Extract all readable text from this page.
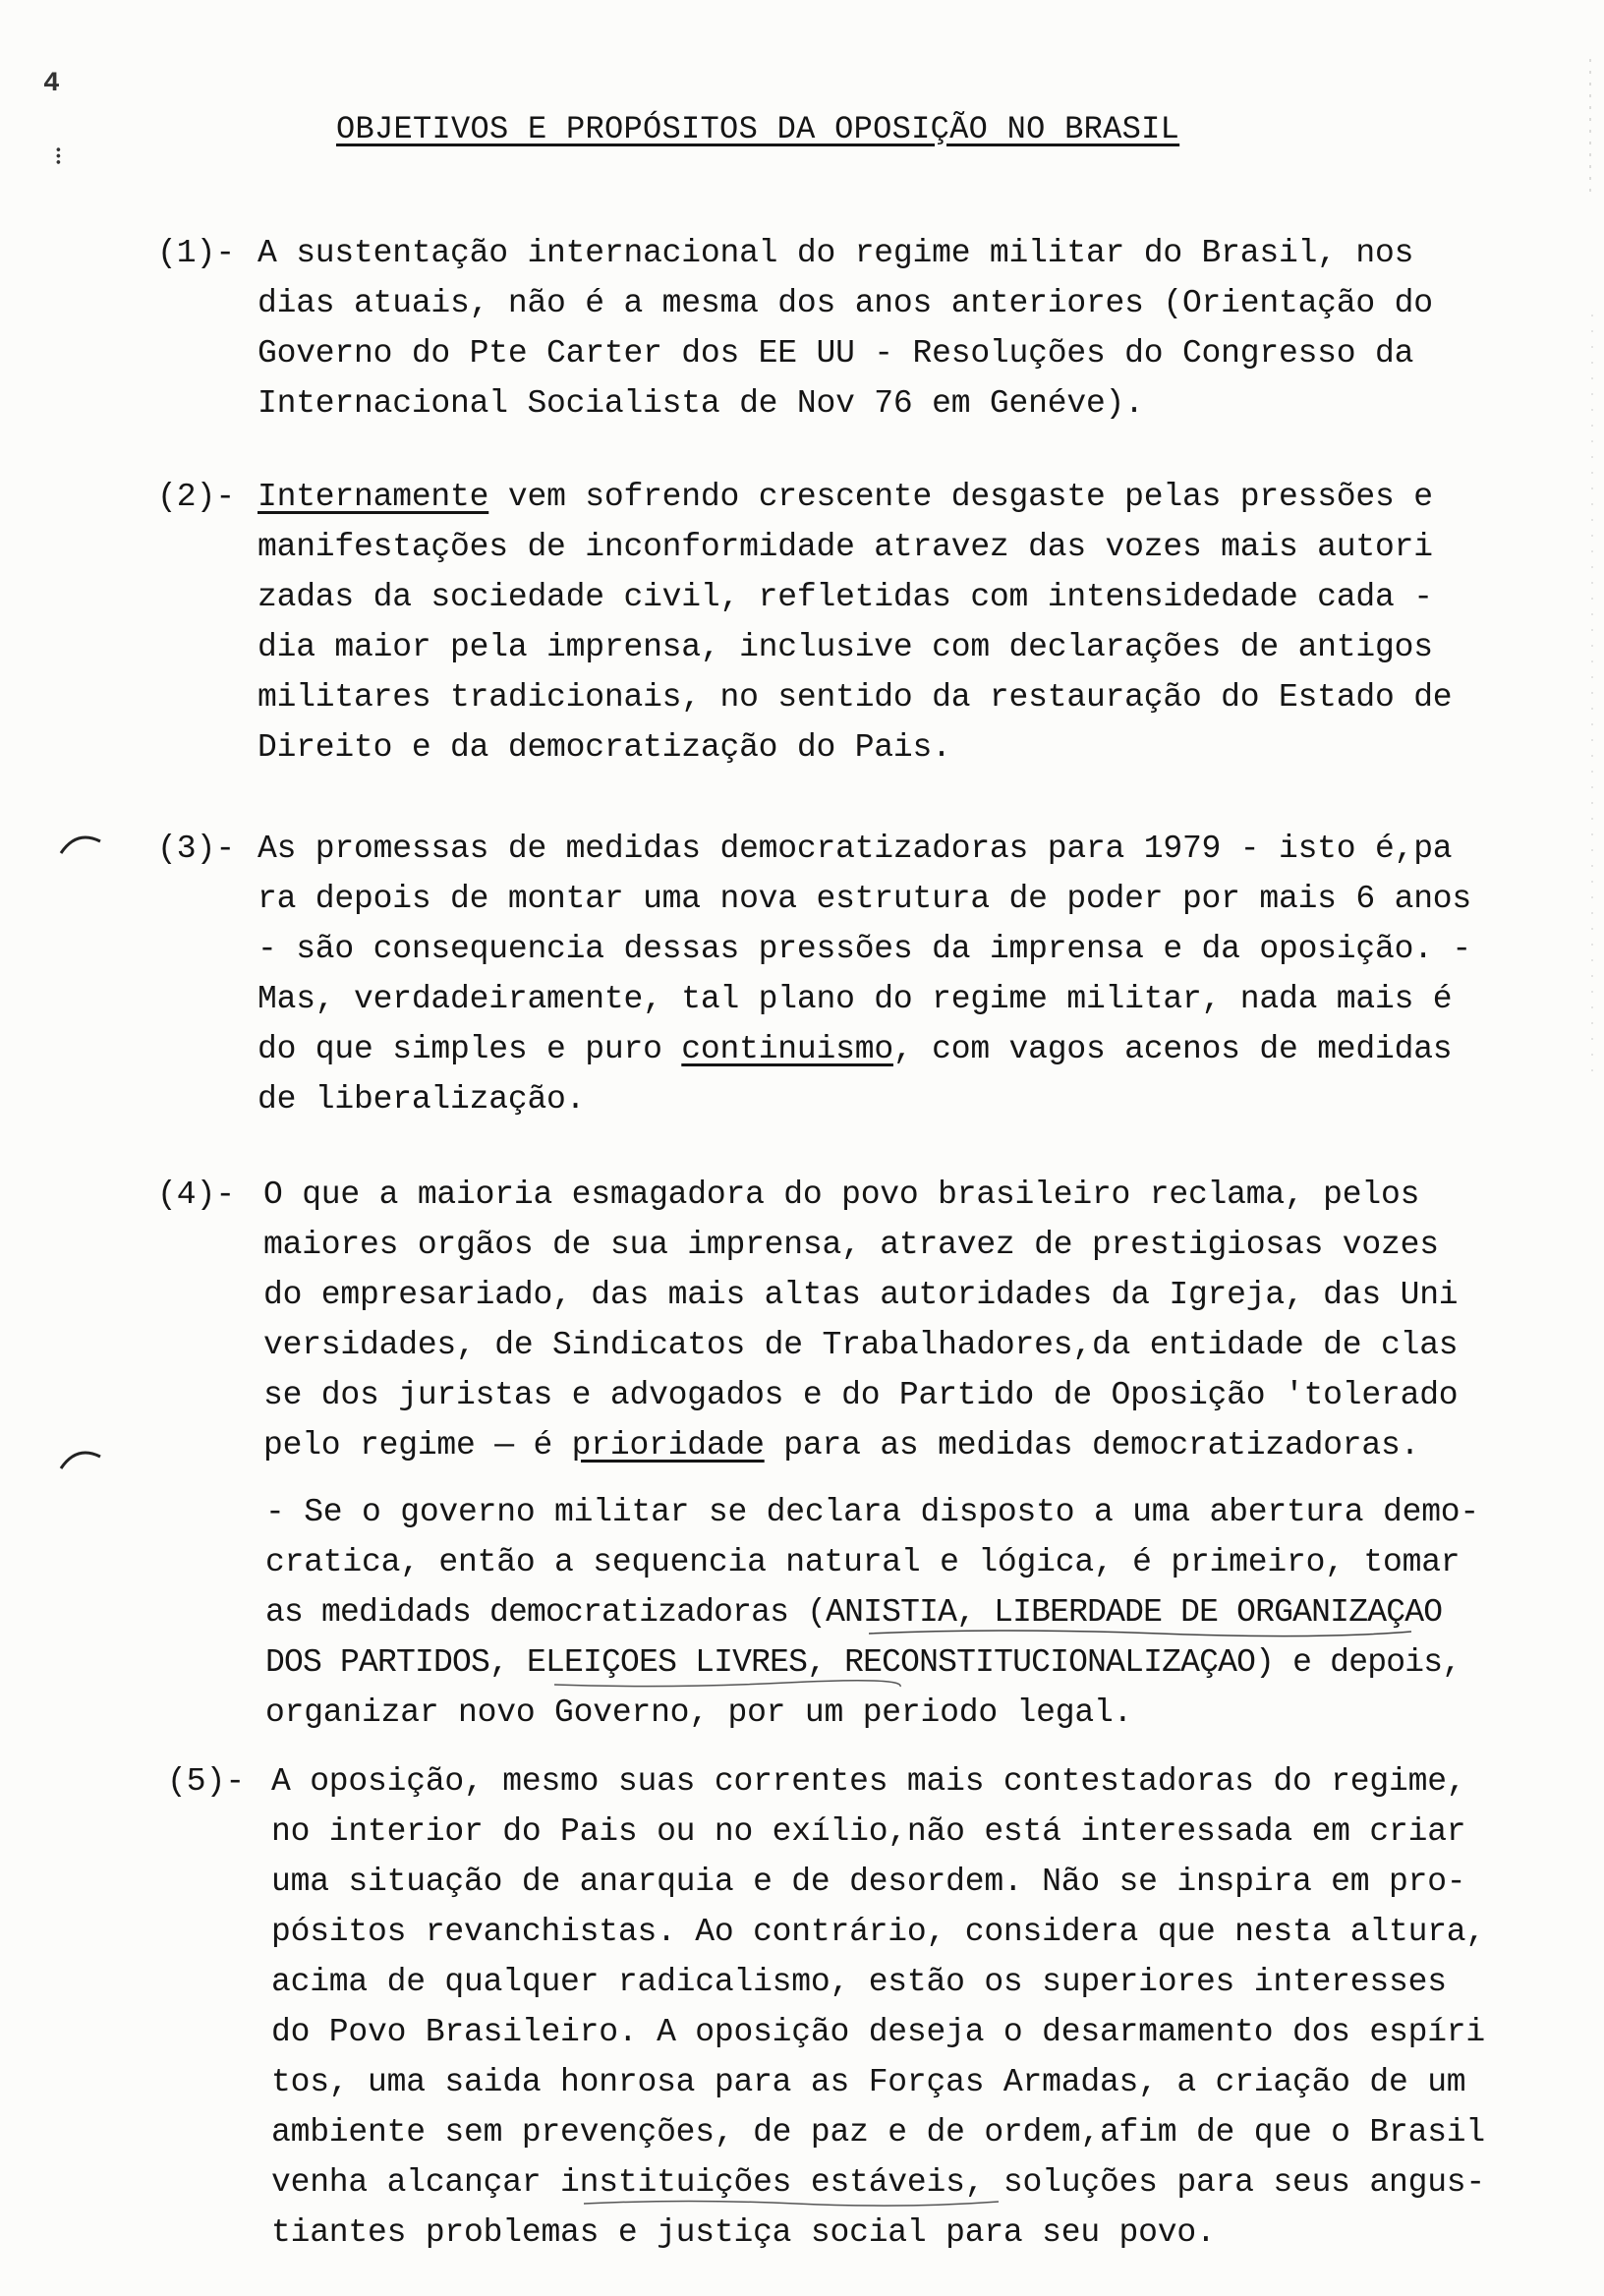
4
•••
OBJETIVOS E PROPÓSITOS DA OPOSIÇÃO NO BRASIL
(1)- A sustentação internacional do regime militar do Brasil, nos
dias atuais, não é a mesma dos anos anteriores (Orientação do
Governo do Pte Carter dos EE UU - Resoluções do Congresso da
Internacional Socialista de Nov 76 em Genéve).
(2)- Internamente vem sofrendo crescente desgaste pelas pressões e
manifestações de inconformidade atravez das vozes mais autori
zadas da sociedade civil, refletidas com intensidedade cada -
dia maior pela imprensa, inclusive com declarações de antigos
militares tradicionais, no sentido da restauração do Estado de
Direito e da democratização do Pais.
(3)- As promessas de medidas democratizadoras para 1979 - isto é,pa
ra depois de montar uma nova estrutura de poder por mais 6 anos
- são consequencia dessas pressões da imprensa e da oposição. -
Mas, verdadeiramente, tal plano do regime militar, nada mais é
do que simples e puro continuismo, com vagos acenos de medidas
de liberalização.
(4)- O que a maioria esmagadora do povo brasileiro reclama, pelos
maiores orgãos de sua imprensa, atravez de prestigiosas vozes
do empresariado, das mais altas autoridades da Igreja, das Uni
versidades, de Sindicatos de Trabalhadores,da entidade de clas
se dos juristas e advogados e do Partido de Oposição 'tolerado
pelo regime — é prioridade para as medidas democratizadoras.
- Se o governo militar se declara disposto a uma abertura demo-
cratica, então a sequencia natural e lógica, é primeiro, tomar
as medidads democratizadoras (ANISTIA, LIBERDADE DE ORGANIZAÇAO
DOS PARTIDOS, ELEIÇOES LIVRES, RECONSTITUCIONALIZAÇAO) e depois,
organizar novo Governo, por um periodo legal.
(5)- A oposição, mesmo suas correntes mais contestadoras do regime,
no interior do Pais ou no exílio,não está interessada em criar
uma situação de anarquia e de desordem. Não se inspira em pro-
pósitos revanchistas. Ao contrário, considera que nesta altura,
acima de qualquer radicalismo, estão os superiores interesses
do Povo Brasileiro. A oposição deseja o desarmamento dos espíri
tos, uma saida honrosa para as Forças Armadas, a criação de um
ambiente sem prevenções, de paz e de ordem,afim de que o Brasil
venha alcançar instituições estáveis, soluções para seus angus-
tiantes problemas e justiça social para seu povo.
